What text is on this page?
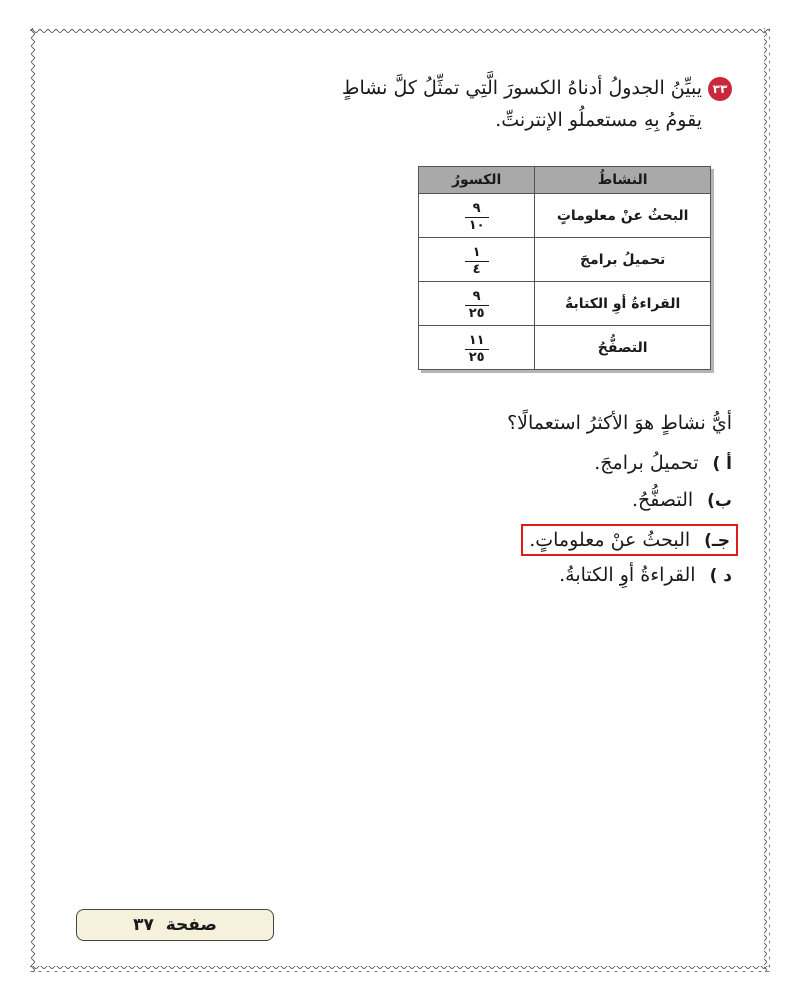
٣٣يبيِّنُ الجدولُ أدناهُ الكسورَ الَّتِي تمثِّلُ كلَّ نشاطٍ
يقومُ بِهِ مستعملُو الإنترنتِّ.
النشاطُ	الكسورُ
البحثُ عنْ معلوماتٍ	٩
١٠

تحميلُ برامجَ	١
٤

القراءةُ أوِ الكتابةُ	٩
٢٥

التصفُّحُ	١١
٢٥
أيُّ نشاطٍ هوَ الأكثرُ استعمالًا؟
أ )تحميلُ برامجَ.
ب)التصفُّحُ.
جـ)البحثُ عنْ معلوماتٍ.
د )القراءةُ أوِ الكتابةُ.
صفحة  ٣٧
